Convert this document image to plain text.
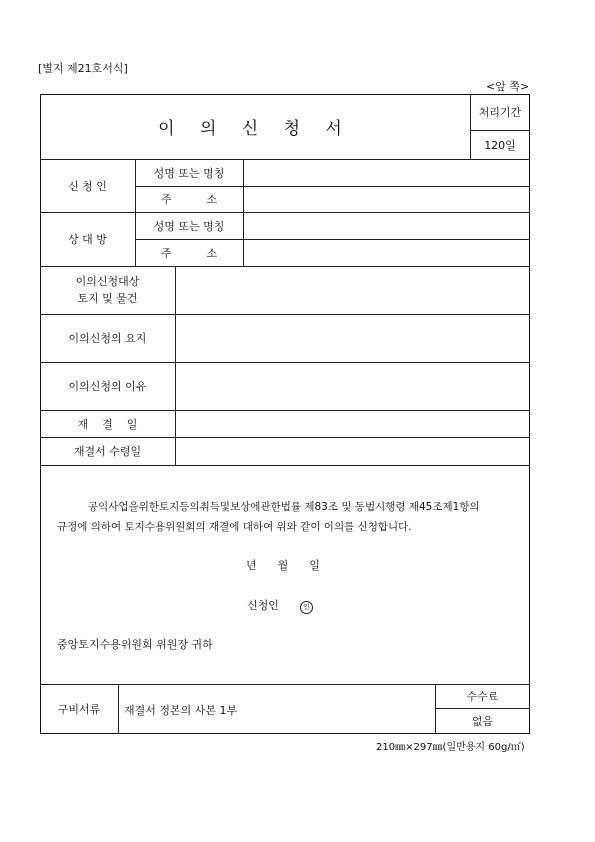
[별지 제21호서식]
<앞 쪽>
이 의 신 청 서
처리기간
120일
신 청 인
성명 또는 명칭
주          소
상 대 방
성명 또는 명칭
주          소
이의신청대상
토지 및 물건
이의신청의 요지
이의신청의 이유
재    결    일
재결서 수령일
공익사업을위한토지등의취득및보상에관한법률 제83조 및 동법시행령 제45조제1항의
규정에 의하여 토지수용위원회의 재결에 대하여 위와 같이 이의를 신청합니다.
년      월      일
신청인	인
중앙토지수용위원회 위원장 귀하
구비서류	재결서 정본의 사본 1부
수수료
없음
210㎜×297㎜(일반용지 60g/㎡)
